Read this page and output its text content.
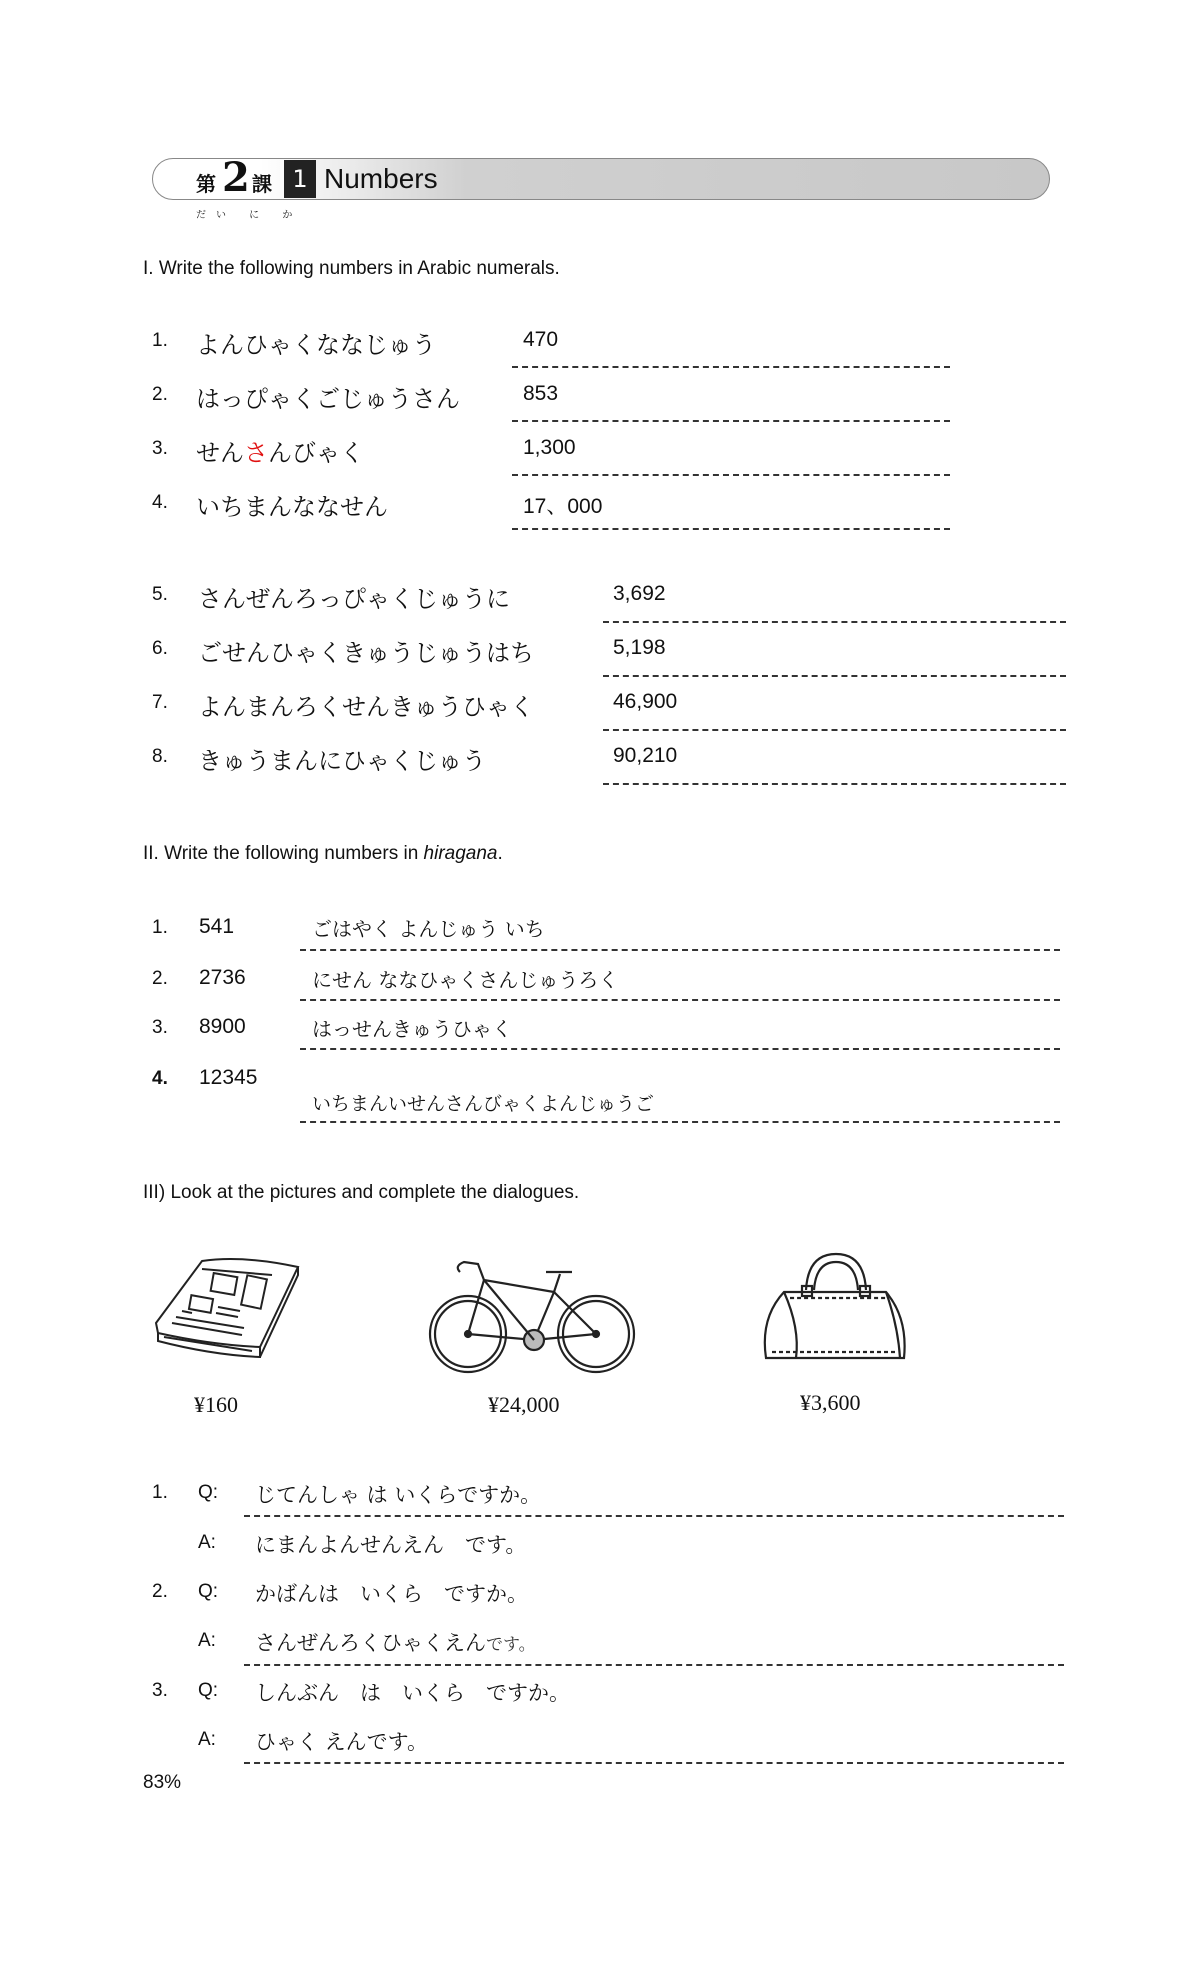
第 2 課 1 Numbers
だい に か
I. Write the following numbers in Arabic numerals.
1. よんひゃくななじゅう	470
2. はっぴゃくごじゅうさん	853
3. せんさんびゃく	1,300
4. いちまんななせん	17、000
5. さんぜんろっぴゃくじゅうに	3,692
6. ごせんひゃくきゅうじゅうはち	5,198
7. よんまんろくせんきゅうひゃく	46,900
8. きゅうまんにひゃくじゅう	90,210
II. Write the following numbers in hiragana.
1. 541	ごはやく よんじゅう いち
2. 2736	にせん ななひゃくさんじゅうろく
3. 8900	はっせんきゅうひゃく
4. 12345
いちまんいせんさんびゃくよんじゅうご
III) Look at the pictures and complete the dialogues.
¥160	¥24,000	¥3,600
1. Q: じてんしゃ は いくらですか。
A: にまんよんせんえん　です。
2. Q: かばんは　いくら　ですか。
A: さんぜんろくひゃくえんです。
3. Q: しんぶん　は　いくら　ですか。
A: ひゃく えんです。
83%
